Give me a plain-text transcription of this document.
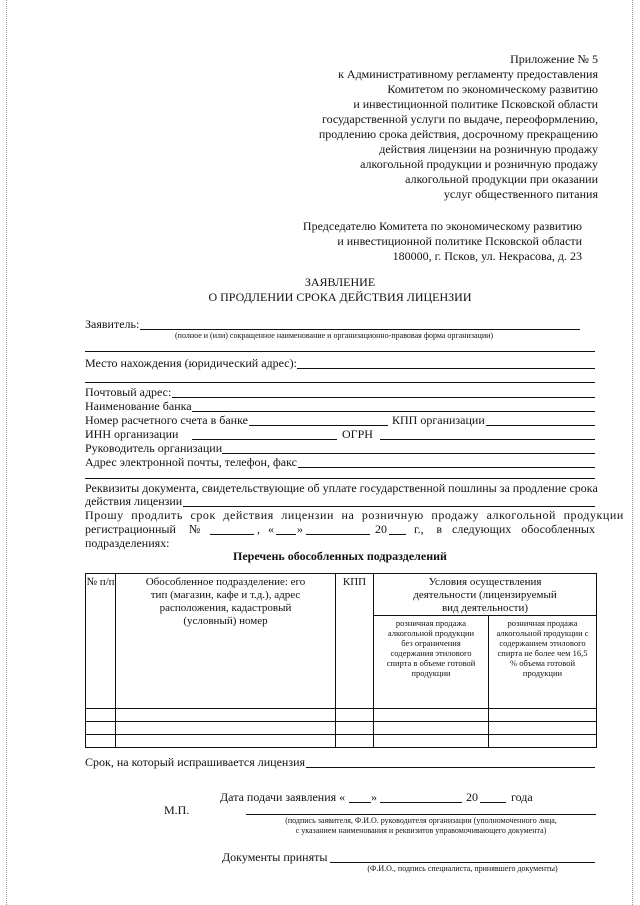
Приложение № 5
к Административному регламенту предоставления
Комитетом по экономическому развитию
и инвестиционной политике Псковской области
государственной услуги по выдаче, переоформлению,
продлению срока действия, досрочному прекращению
действия лицензии на розничную продажу
алкогольной продукции и розничную продажу
алкогольной продукции при оказании
услуг общественного питания
Председателю Комитета по экономическому развитию
и инвестиционной политике Псковской области
180000, г. Псков, ул. Некрасова, д. 23
ЗАЯВЛЕНИЕ
О ПРОДЛЕНИИ СРОКА ДЕЙСТВИЯ ЛИЦЕНЗИИ
Заявитель:
(полное и (или) сокращенное наименование и организационно-правовая форма организации)
Место нахождения (юридический адрес):
Почтовый адрес:
Наименование банка
Номер расчетного счета в банке	КПП организации
ИНН организации	ОГРН
Руководитель организации
Адрес электронной почты, телефон, факс
Реквизиты документа, свидетельствующие об уплате государственной пошлины за продление срока
действия лицензии
Прошу продлить срок действия лицензии на розничную продажу алкогольной продукции
регистрационный №	, « »	20 г., в следующих обособленных
подразделениях:
Перечень обособленных подразделений
№ п/п	Обособленное подразделение: его тип (магазин, кафе и т.д.), адрес расположения, кадастровый (условный) номер	КПП	Условия осуществления деятельности (лицензируемый вид деятельности)	
			розничная продажа алкогольной продукции без ограничения содержания этилового спирта в объеме готовой продукции	розничная продажа алкогольной продукции с содержанием этилового спирта не более чем 16,5 % объема готовой продукции

Срок, на который испрашивается лицензия
Дата подачи заявления « »	20	года
М.П.
(подпись заявителя, Ф.И.О. руководителя организации (уполномоченного лица,
с указанием наименования и реквизитов управомочивающего документа)
Документы приняты
(Ф.И.О., подпись специалиста, принявшего документы)
